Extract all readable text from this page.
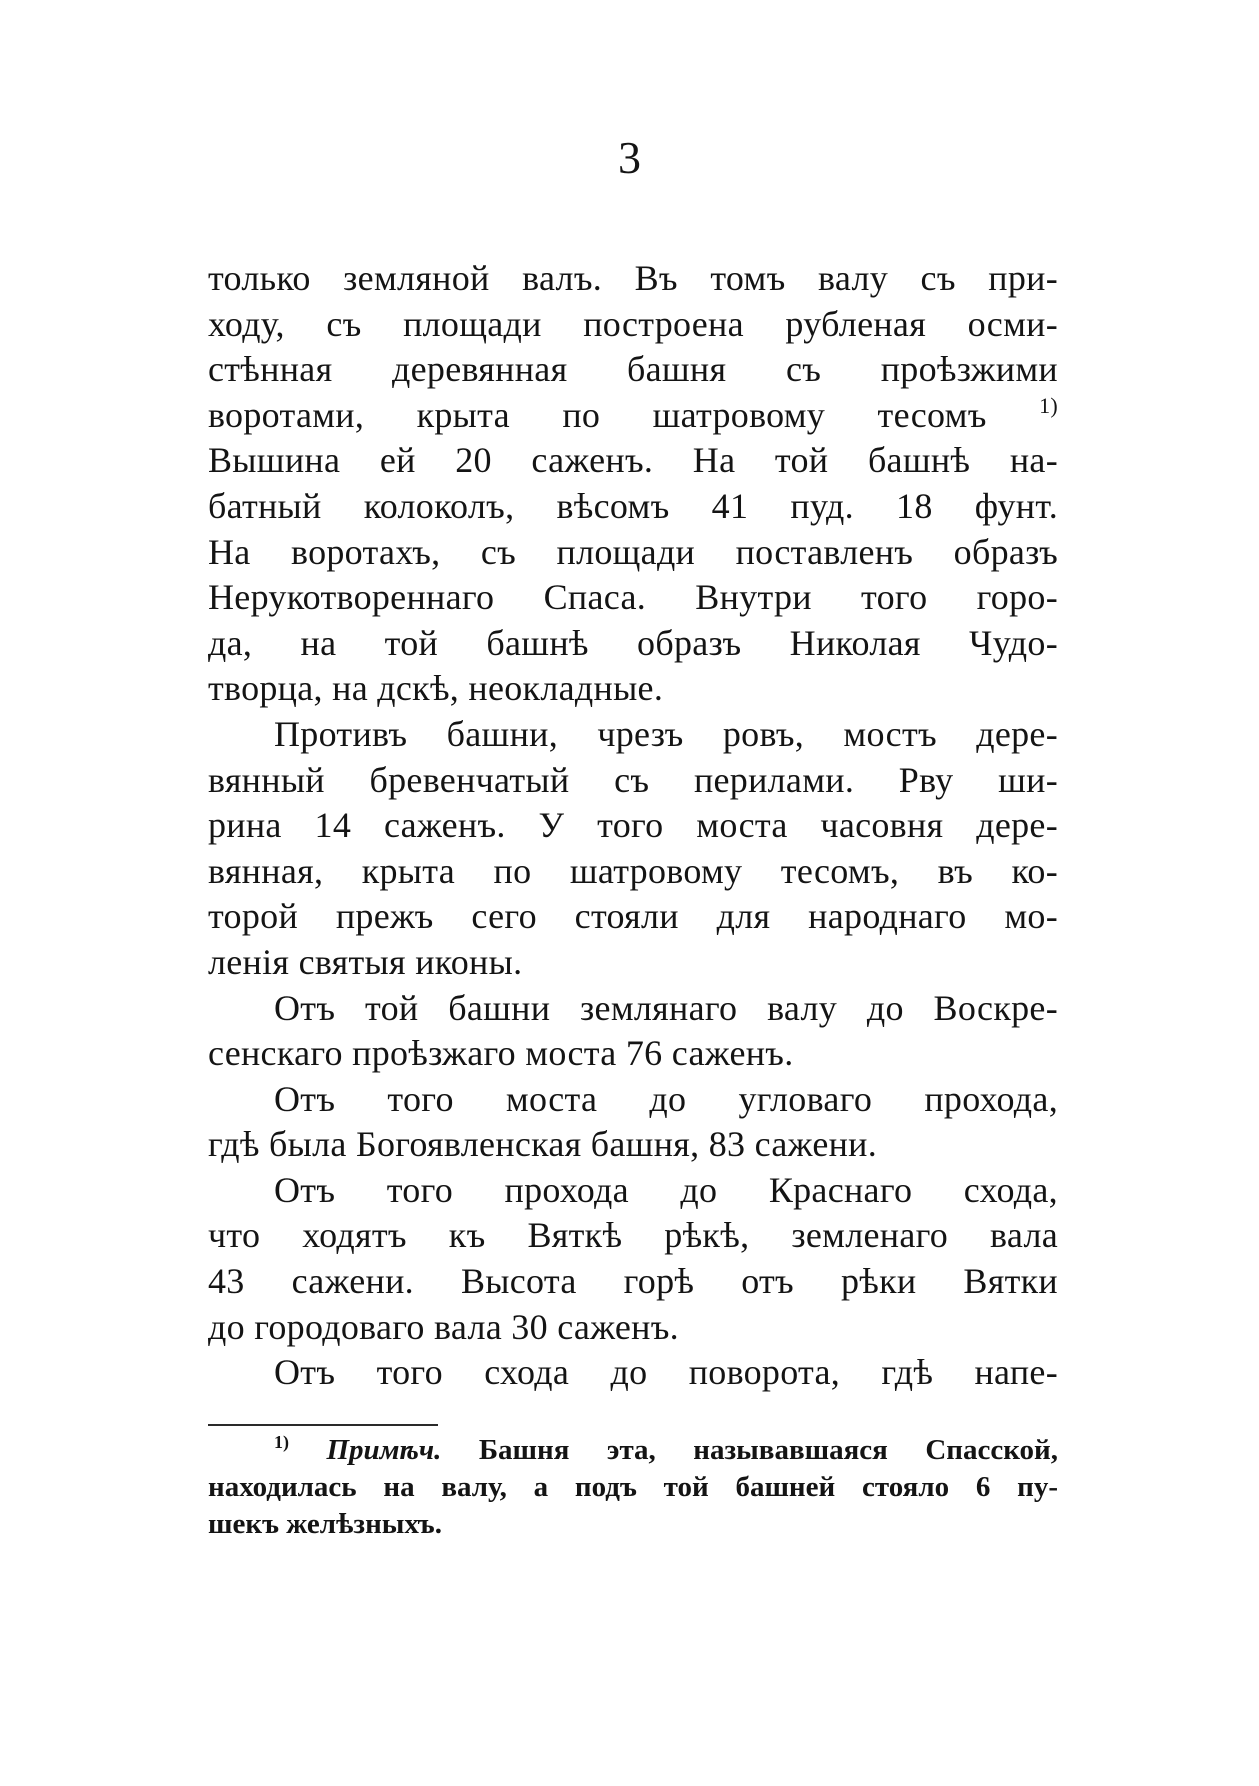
3
только земляной валъ. Въ томъ валу съ при-
ходу, съ площади построена рубленая осми-
стѣнная деревянная башня съ проѣзжими
воротами, крыта по шатровому тесомъ $^{1)}$
Вышина ей 20 саженъ. На той башнѣ на-
батный колоколъ, вѣсомъ 41 пуд. 18 фунт.
На воротахъ, съ площади поставленъ образъ
Нерукотвореннаго Спаса. Внутри того горо-
да, на той башнѣ образъ Николая Чудо-
творца, на дскѣ, неокладные.
Противъ башни, чрезъ ровъ, мостъ дере-
вянный бревенчатый съ перилами. Рву ши-
рина 14 саженъ. У того моста часовня дере-
вянная, крыта по шатровому тесомъ, въ ко-
торой прежъ сего стояли для народнаго мо-
ленія святыя иконы.
Отъ той башни землянаго валу до Воскре-
сенскаго проѣзжаго моста 76 саженъ.
Отъ того моста до угловаго прохода,
гдѣ была Богоявленская башня, 83 сажени.
Отъ того прохода до Краснаго схода,
что ходятъ къ Вяткѣ рѣкѣ, земленаго вала
43 сажени. Высота горѣ отъ рѣки Вятки
до городоваго вала 30 саженъ.
Отъ того схода до поворота, гдѣ напе-
$^{1)}$ Примѣч. Башня эта, называвшаяся Спасской,
находилась на валу, а подъ той башней стояло 6 пу-
шекъ желѣзныхъ.
